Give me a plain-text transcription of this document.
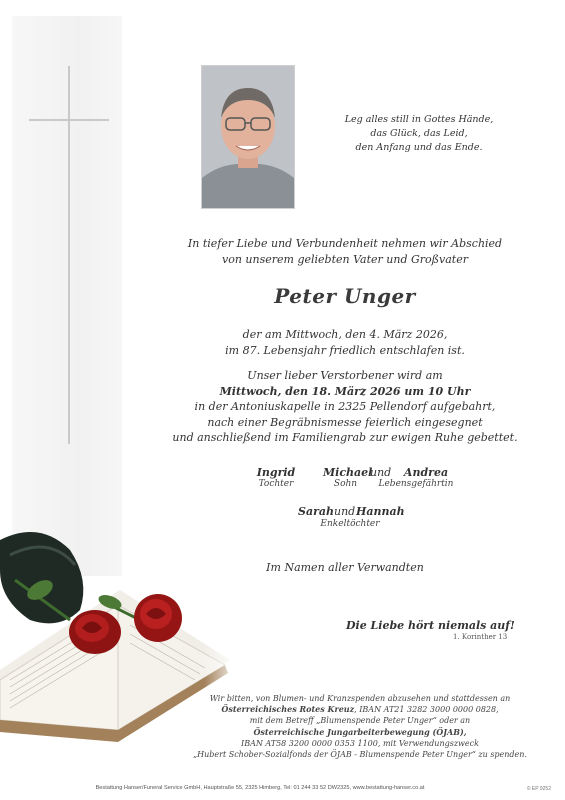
Leg alles still in Gottes Hände,
das Glück, das Leid,
den Anfang und das Ende.
In tiefer Liebe und Verbundenheit nehmen wir Abschied
von unserem geliebten Vater und Großvater
Peter Unger
der am Mittwoch, den 4. März 2026,
im 87. Lebensjahr friedlich entschlafen ist.
Unser lieber Verstorbener wird am
Mittwoch, den 18. März 2026 um 10 Uhr
in der Antoniuskapelle in 2325 Pellendorf aufgebahrt,
nach einer Begräbnismesse feierlich eingesegnet
und anschließend im Familiengrab zur ewigen Ruhe gebettet.
Ingrid
Tochter
Michael
Sohn
und	Andrea
Lebensgefährtin
Sarah und Hannah
Enkeltöchter
Im Namen aller Verwandten
Die Liebe hört niemals auf!
1. Korinther 13
Wir bitten, von Blumen- und Kranzspenden abzusehen und stattdessen an
Österreichisches Rotes Kreuz, IBAN AT21 3282 3000 0000 0828,
mit dem Betreff „Blumenspende Peter Unger“ oder an
Österreichische Jungarbeiterbewegung (ÖJAB),
IBAN AT58 3200 0000 0353 1100, mit Verwendungszweck
„Hubert Schober-Sozialfonds der ÖJAB - Blumenspende Peter Unger“ zu spenden.
Bestattung Hanser/Funeral Service GmbH, Hauptstraße 55, 2325 Himberg, Tel: 01 244 33 52 DW2325, www.bestattung-hanser.co.at	© EP 9252
